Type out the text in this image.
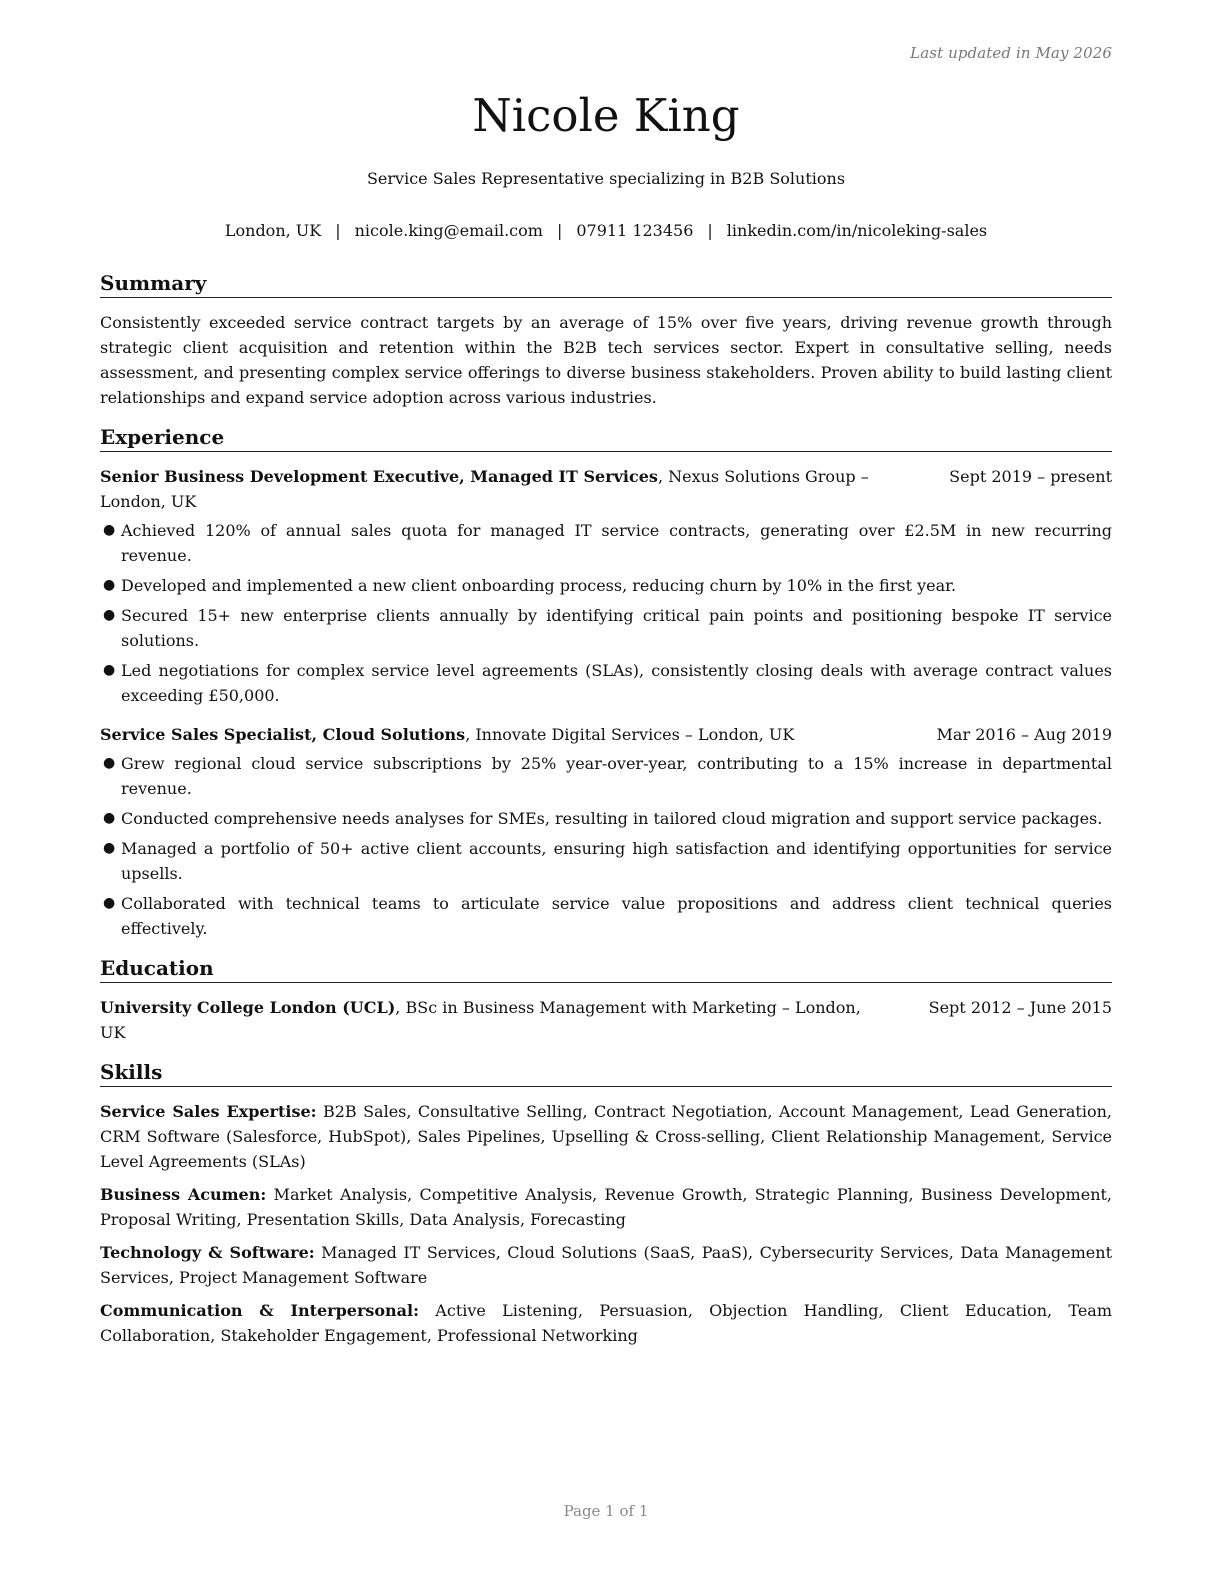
Last updated in May 2026
Nicole King
Service Sales Representative specializing in B2B Solutions
London, UK | nicole.king@email.com | 07911 123456 | linkedin.com/in/nicoleking-sales
Summary

Consistently exceeded service contract targets by an average of 15% over five years, driving revenue growth through strategic client acquisition and retention within the B2B tech services sector. Expert in consultative selling, needs assessment, and presenting complex service offerings to diverse business stakeholders. Proven ability to build lasting client relationships and expand service adoption across various industries.

Experience
Senior Business Development Executive, Managed IT Services, Nexus Solutions Group – London, UK
Sept 2019 – present
● Achieved 120% of annual sales quota for managed IT service contracts, generating over £2.5M in new recurring revenue.
● Developed and implemented a new client onboarding process, reducing churn by 10% in the first year.
● Secured 15+ new enterprise clients annually by identifying critical pain points and positioning bespoke IT service solutions.
● Led negotiations for complex service level agreements (SLAs), consistently closing deals with average contract values exceeding £50,000.
Service Sales Specialist, Cloud Solutions, Innovate Digital Services – London, UK	Mar 2016 – Aug 2019
● Grew regional cloud service subscriptions by 25% year-over-year, contributing to a 15% increase in departmental revenue.
● Conducted comprehensive needs analyses for SMEs, resulting in tailored cloud migration and support service packages.
● Managed a portfolio of 50+ active client accounts, ensuring high satisfaction and identifying opportunities for service upsells.
● Collaborated with technical teams to articulate service value propositions and address client technical queries effectively.
Education
University College London (UCL), BSc in Business Management with Marketing – London, UK
Sept 2012 – June 2015
Skills

Service Sales Expertise: B2B Sales, Consultative Selling, Contract Negotiation, Account Management, Lead Generation, CRM Software (Salesforce, HubSpot), Sales Pipelines, Upselling & Cross-selling, Client Relationship Management, Service Level Agreements (SLAs)

Business Acumen: Market Analysis, Competitive Analysis, Revenue Growth, Strategic Planning, Business Development, Proposal Writing, Presentation Skills, Data Analysis, Forecasting

Technology & Software: Managed IT Services, Cloud Solutions (SaaS, PaaS), Cybersecurity Services, Data Management Services, Project Management Software

Communication & Interpersonal: Active Listening, Persuasion, Objection Handling, Client Education, Team Collaboration, Stakeholder Engagement, Professional Networking

Page 1 of 1
